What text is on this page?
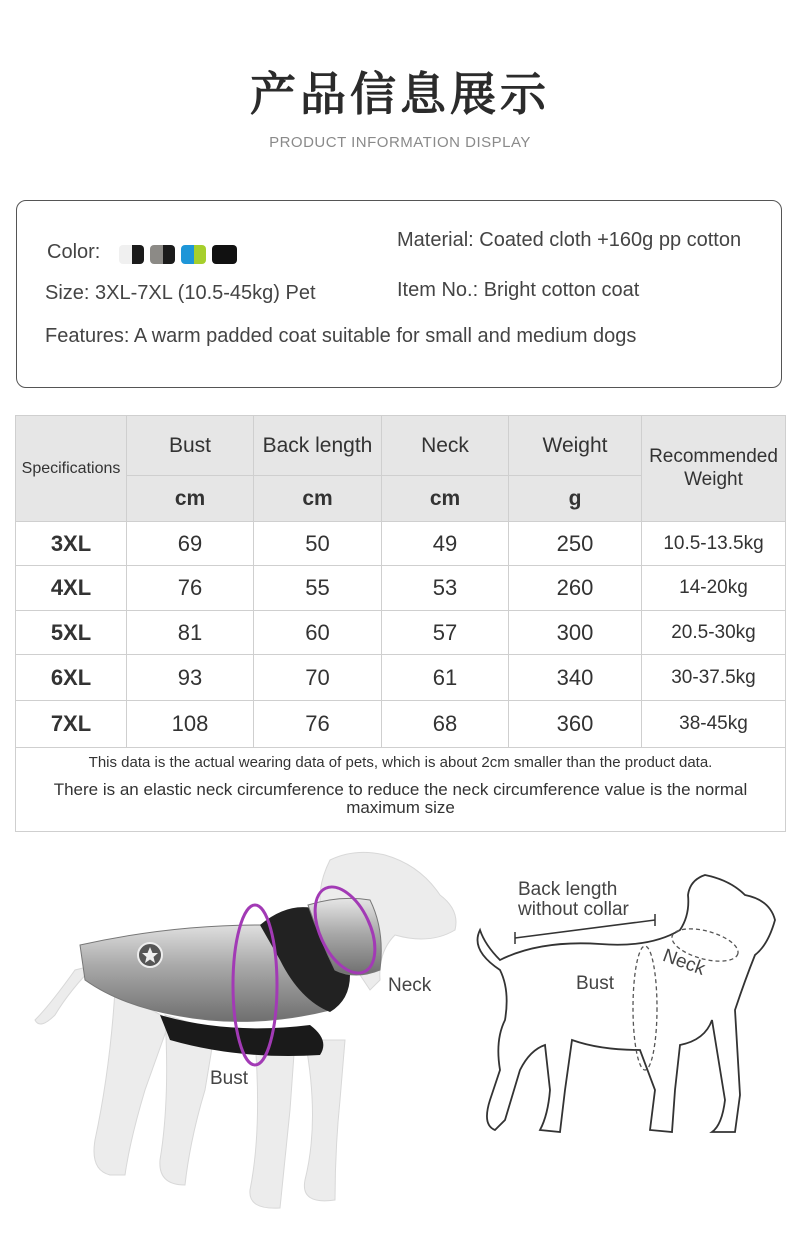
产品信息展示
PRODUCT INFORMATION DISPLAY
Color:
Material: Coated cloth +160g pp cotton
Size: 3XL-7XL (10.5-45kg) Pet	Item No.: Bright cotton coat
Features: A warm padded coat suitable for small and medium dogs
Specifications	Bust	Back length	Neck	Weight	Recommended Weight
	cm	cm	cm	g	
3XL	69	50	49	250	10.5-13.5kg
4XL	76	55	53	260	14-20kg
5XL	81	60	57	300	20.5-30kg
6XL	93	70	61	340	30-37.5kg
7XL	108	76	68	360	38-45kg

This data is the actual wearing data of pets, which is about 2cm smaller than the product data.
There is an elastic neck circumference to reduce the neck circumference value is the normal maximum size					
Neck
Bust
Back length without collar
Bust
Neck
